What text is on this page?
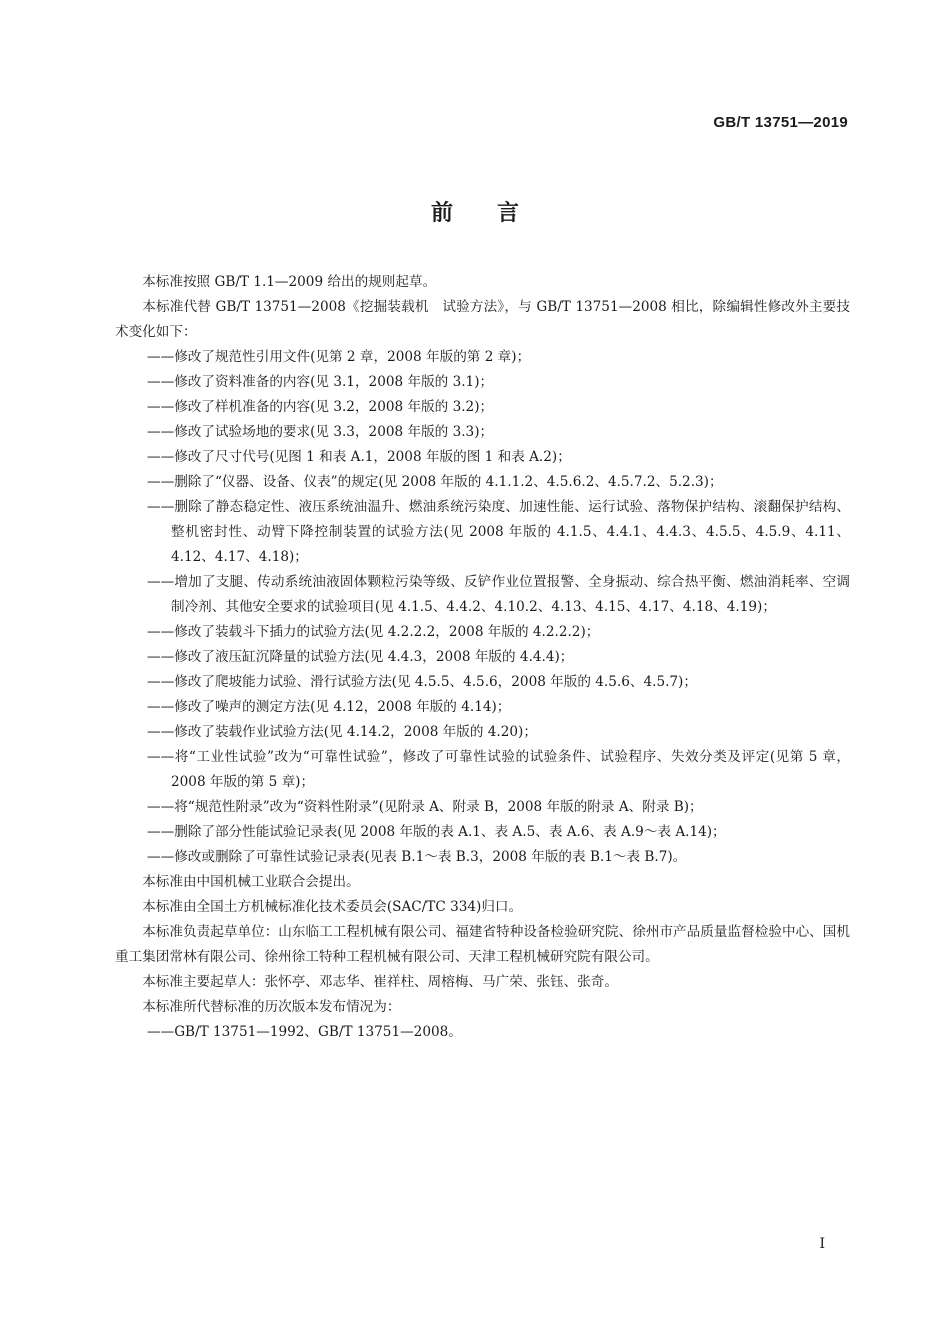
GB/T 13751—2019
前言

本标准按照 GB/T 1.1—2009 给出的规则起草。

本标准代替 GB/T 13751—2008《挖掘装载机　试验方法》，与 GB/T 13751—2008 相比，除编辑性修改外主要技术变化如下：

——修改了规范性引用文件(见第 2 章，2008 年版的第 2 章)；

——修改了资料准备的内容(见 3.1，2008 年版的 3.1)；

——修改了样机准备的内容(见 3.2，2008 年版的 3.2)；

——修改了试验场地的要求(见 3.3，2008 年版的 3.3)；

——修改了尺寸代号(见图 1 和表 A.1，2008 年版的图 1 和表 A.2)；

——删除了“仪器、设备、仪表”的规定(见 2008 年版的 4.1.1.2、4.5.6.2、4.5.7.2、5.2.3)；

——删除了静态稳定性、液压系统油温升、燃油系统污染度、加速性能、运行试验、落物保护结构、滚翻保护结构、整机密封性、动臂下降控制装置的试验方法(见 2008 年版的 4.1.5、4.4.1、4.4.3、4.5.5、4.5.9、4.11、4.12、4.17、4.18)；

——增加了支腿、传动系统油液固体颗粒污染等级、反铲作业位置报警、全身振动、综合热平衡、燃油消耗率、空调制冷剂、其他安全要求的试验项目(见 4.1.5、4.4.2、4.10.2、4.13、4.15、4.17、4.18、4.19)；

——修改了装载斗下插力的试验方法(见 4.2.2.2，2008 年版的 4.2.2.2)；

——修改了液压缸沉降量的试验方法(见 4.4.3，2008 年版的 4.4.4)；

——修改了爬坡能力试验、滑行试验方法(见 4.5.5、4.5.6，2008 年版的 4.5.6、4.5.7)；

——修改了噪声的测定方法(见 4.12，2008 年版的 4.14)；

——修改了装载作业试验方法(见 4.14.2，2008 年版的 4.20)；

——将“工业性试验”改为“可靠性试验”，修改了可靠性试验的试验条件、试验程序、失效分类及评定(见第 5 章，2008 年版的第 5 章)；

——将“规范性附录”改为“资料性附录”(见附录 A、附录 B，2008 年版的附录 A、附录 B)；

——删除了部分性能试验记录表(见 2008 年版的表 A.1、表 A.5、表 A.6、表 A.9～表 A.14)；

——修改或删除了可靠性试验记录表(见表 B.1～表 B.3，2008 年版的表 B.1～表 B.7)。

本标准由中国机械工业联合会提出。

本标准由全国土方机械标准化技术委员会(SAC/TC 334)归口。

本标准负责起草单位：山东临工工程机械有限公司、福建省特种设备检验研究院、徐州市产品质量监督检验中心、国机重工集团常林有限公司、徐州徐工特种工程机械有限公司、天津工程机械研究院有限公司。

本标准主要起草人：张怀亭、邓志华、崔祥柱、周榕梅、马广荣、张钰、张奇。

本标准所代替标准的历次版本发布情况为：

——GB/T 13751—1992、GB/T 13751—2008。

I
